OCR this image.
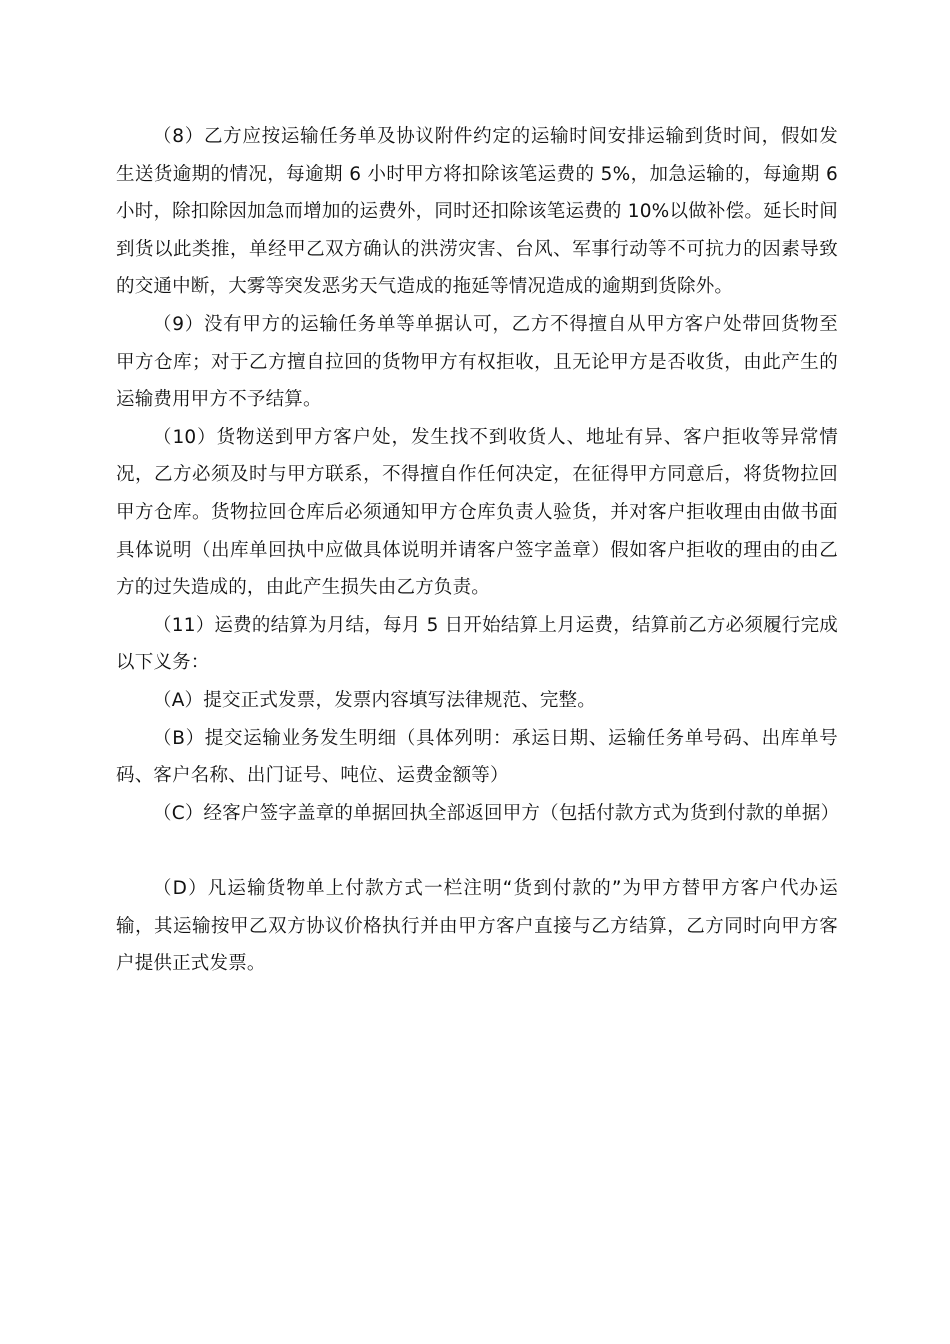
（8）乙方应按运输任务单及协议附件约定的运输时间安排运输到货时间，假如发生送货逾期的情况，每逾期 6 小时甲方将扣除该笔运费的 5%，加急运输的，每逾期 6 小时，除扣除因加急而增加的运费外，同时还扣除该笔运费的 10%以做补偿。延长时间到货以此类推，单经甲乙双方确认的洪涝灾害、台风、军事行动等不可抗力的因素导致的交通中断，大雾等突发恶劣天气造成的拖延等情况造成的逾期到货除外。

（9）没有甲方的运输任务单等单据认可，乙方不得擅自从甲方客户处带回货物至甲方仓库；对于乙方擅自拉回的货物甲方有权拒收，且无论甲方是否收货，由此产生的运输费用甲方不予结算。

（10）货物送到甲方客户处，发生找不到收货人、地址有异、客户拒收等异常情况，乙方必须及时与甲方联系，不得擅自作任何决定，在征得甲方同意后，将货物拉回甲方仓库。货物拉回仓库后必须通知甲方仓库负责人验货，并对客户拒收理由由做书面具体说明（出库单回执中应做具体说明并请客户签字盖章）假如客户拒收的理由的由乙方的过失造成的，由此产生损失由乙方负责。

（11）运费的结算为月结，每月 5 日开始结算上月运费，结算前乙方必须履行完成以下义务：

（A）提交正式发票，发票内容填写法律规范、完整。

（B）提交运输业务发生明细（具体列明：承运日期、运输任务单号码、出库单号码、客户名称、出门证号、吨位、运费金额等）

（C）经客户签字盖章的单据回执全部返回甲方（包括付款方式为货到付款的单据）

（D）凡运输货物单上付款方式一栏注明“货到付款的”为甲方替甲方客户代办运输，其运输按甲乙双方协议价格执行并由甲方客户直接与乙方结算，乙方同时向甲方客户提供正式发票。
